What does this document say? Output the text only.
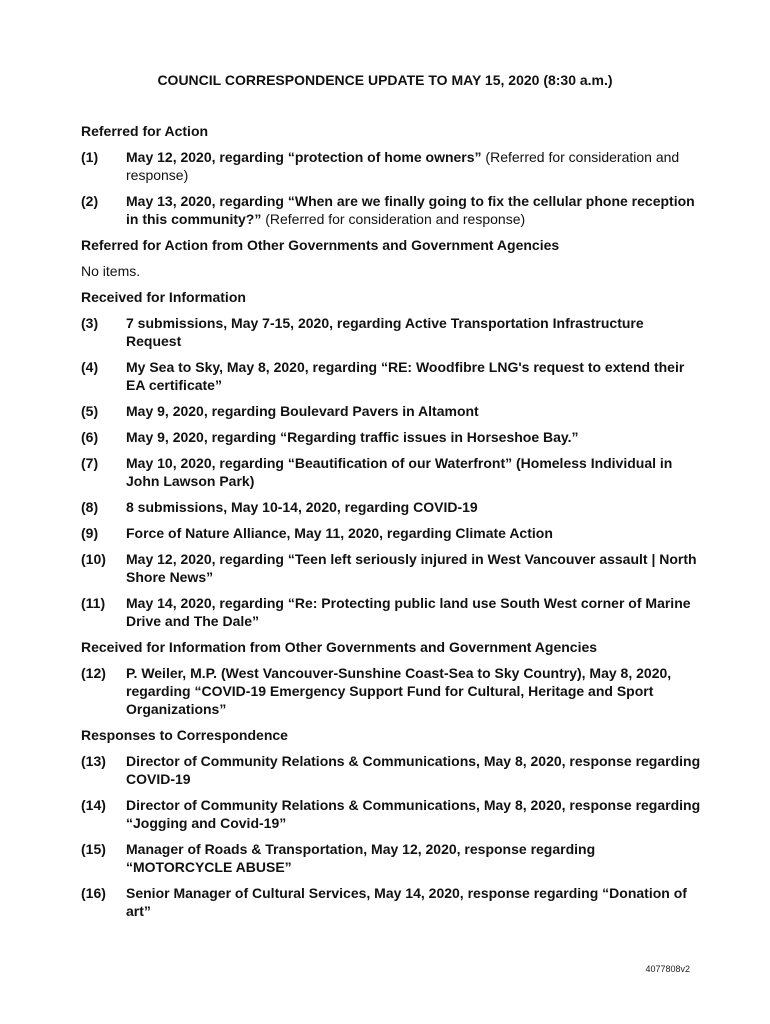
COUNCIL CORRESPONDENCE UPDATE TO MAY 15, 2020 (8:30 a.m.)
Referred for Action
(1)	May 12, 2020, regarding “protection of home owners” (Referred for consideration and response)
(2)	May 13, 2020, regarding “When are we finally going to fix the cellular phone reception in this community?” (Referred for consideration and response)
Referred for Action from Other Governments and Government Agencies
No items.
Received for Information
(3)	7 submissions, May 7-15, 2020, regarding Active Transportation Infrastructure Request
(4)	My Sea to Sky, May 8, 2020, regarding “RE: Woodfibre LNG's request to extend their EA certificate”
(5)	May 9, 2020, regarding Boulevard Pavers in Altamont
(6)	May 9, 2020, regarding “Regarding traffic issues in Horseshoe Bay.”
(7)	May 10, 2020, regarding “Beautification of our Waterfront” (Homeless Individual in John Lawson Park)
(8)	8 submissions, May 10-14, 2020, regarding COVID-19
(9)	Force of Nature Alliance, May 11, 2020, regarding Climate Action
(10)	May 12, 2020, regarding “Teen left seriously injured in West Vancouver assault | North Shore News”
(11)	May 14, 2020, regarding “Re: Protecting public land use South West corner of Marine Drive and The Dale”
Received for Information from Other Governments and Government Agencies
(12)	P. Weiler, M.P. (West Vancouver-Sunshine Coast-Sea to Sky Country), May 8, 2020, regarding “COVID-19 Emergency Support Fund for Cultural, Heritage and Sport Organizations”
Responses to Correspondence
(13)	Director of Community Relations & Communications, May 8, 2020, response regarding COVID-19
(14)	Director of Community Relations & Communications, May 8, 2020, response regarding “Jogging and Covid-19”
(15)	Manager of Roads & Transportation, May 12, 2020, response regarding “MOTORCYCLE ABUSE”
(16)	Senior Manager of Cultural Services, May 14, 2020, response regarding “Donation of art”
4077808v2
